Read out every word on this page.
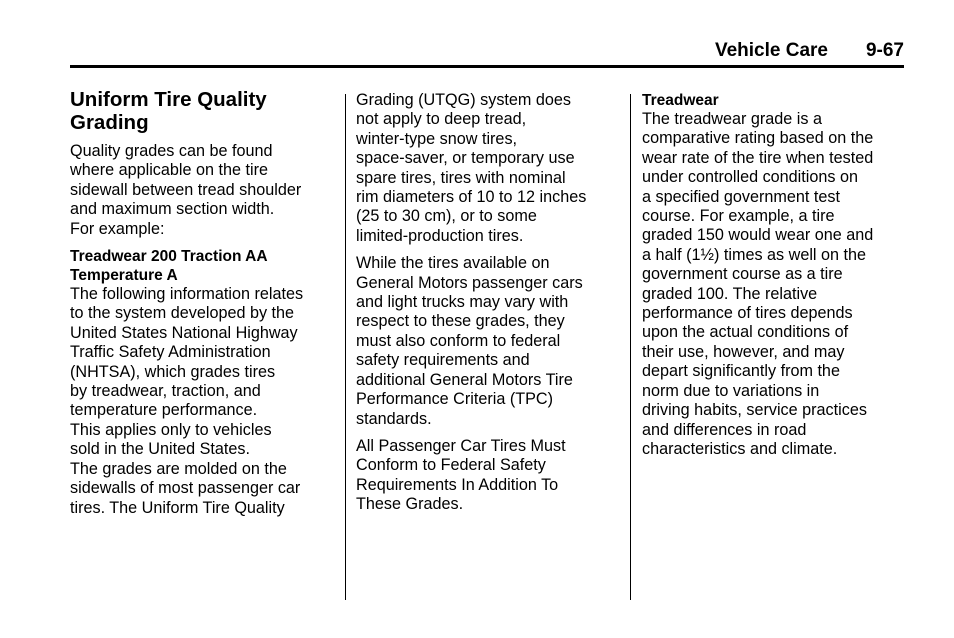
Vehicle Care 9-67
Uniform Tire Quality
Grading

Quality grades can be found
where applicable on the tire
sidewall between tread shoulder
and maximum section width.
For example:

Treadwear 200 Traction AA
Temperature A

The following information relates
to the system developed by the
United States National Highway
Traffic Safety Administration
(NHTSA), which grades tires
by treadwear, traction, and
temperature performance.
This applies only to vehicles
sold in the United States.
The grades are molded on the
sidewalls of most passenger car
tires. The Uniform Tire Quality

Grading (UTQG) system does
not apply to deep tread,
winter-type snow tires,
space-saver, or temporary use
spare tires, tires with nominal
rim diameters of 10 to 12 inches
(25 to 30 cm), or to some
limited-production tires.

While the tires available on
General Motors passenger cars
and light trucks may vary with
respect to these grades, they
must also conform to federal
safety requirements and
additional General Motors Tire
Performance Criteria (TPC)
standards.

All Passenger Car Tires Must
Conform to Federal Safety
Requirements In Addition To
These Grades.

Treadwear

The treadwear grade is a
comparative rating based on the
wear rate of the tire when tested
under controlled conditions on
a specified government test
course. For example, a tire
graded 150 would wear one and
a half (1½) times as well on the
government course as a tire
graded 100. The relative
performance of tires depends
upon the actual conditions of
their use, however, and may
depart significantly from the
norm due to variations in
driving habits, service practices
and differences in road
characteristics and climate.
